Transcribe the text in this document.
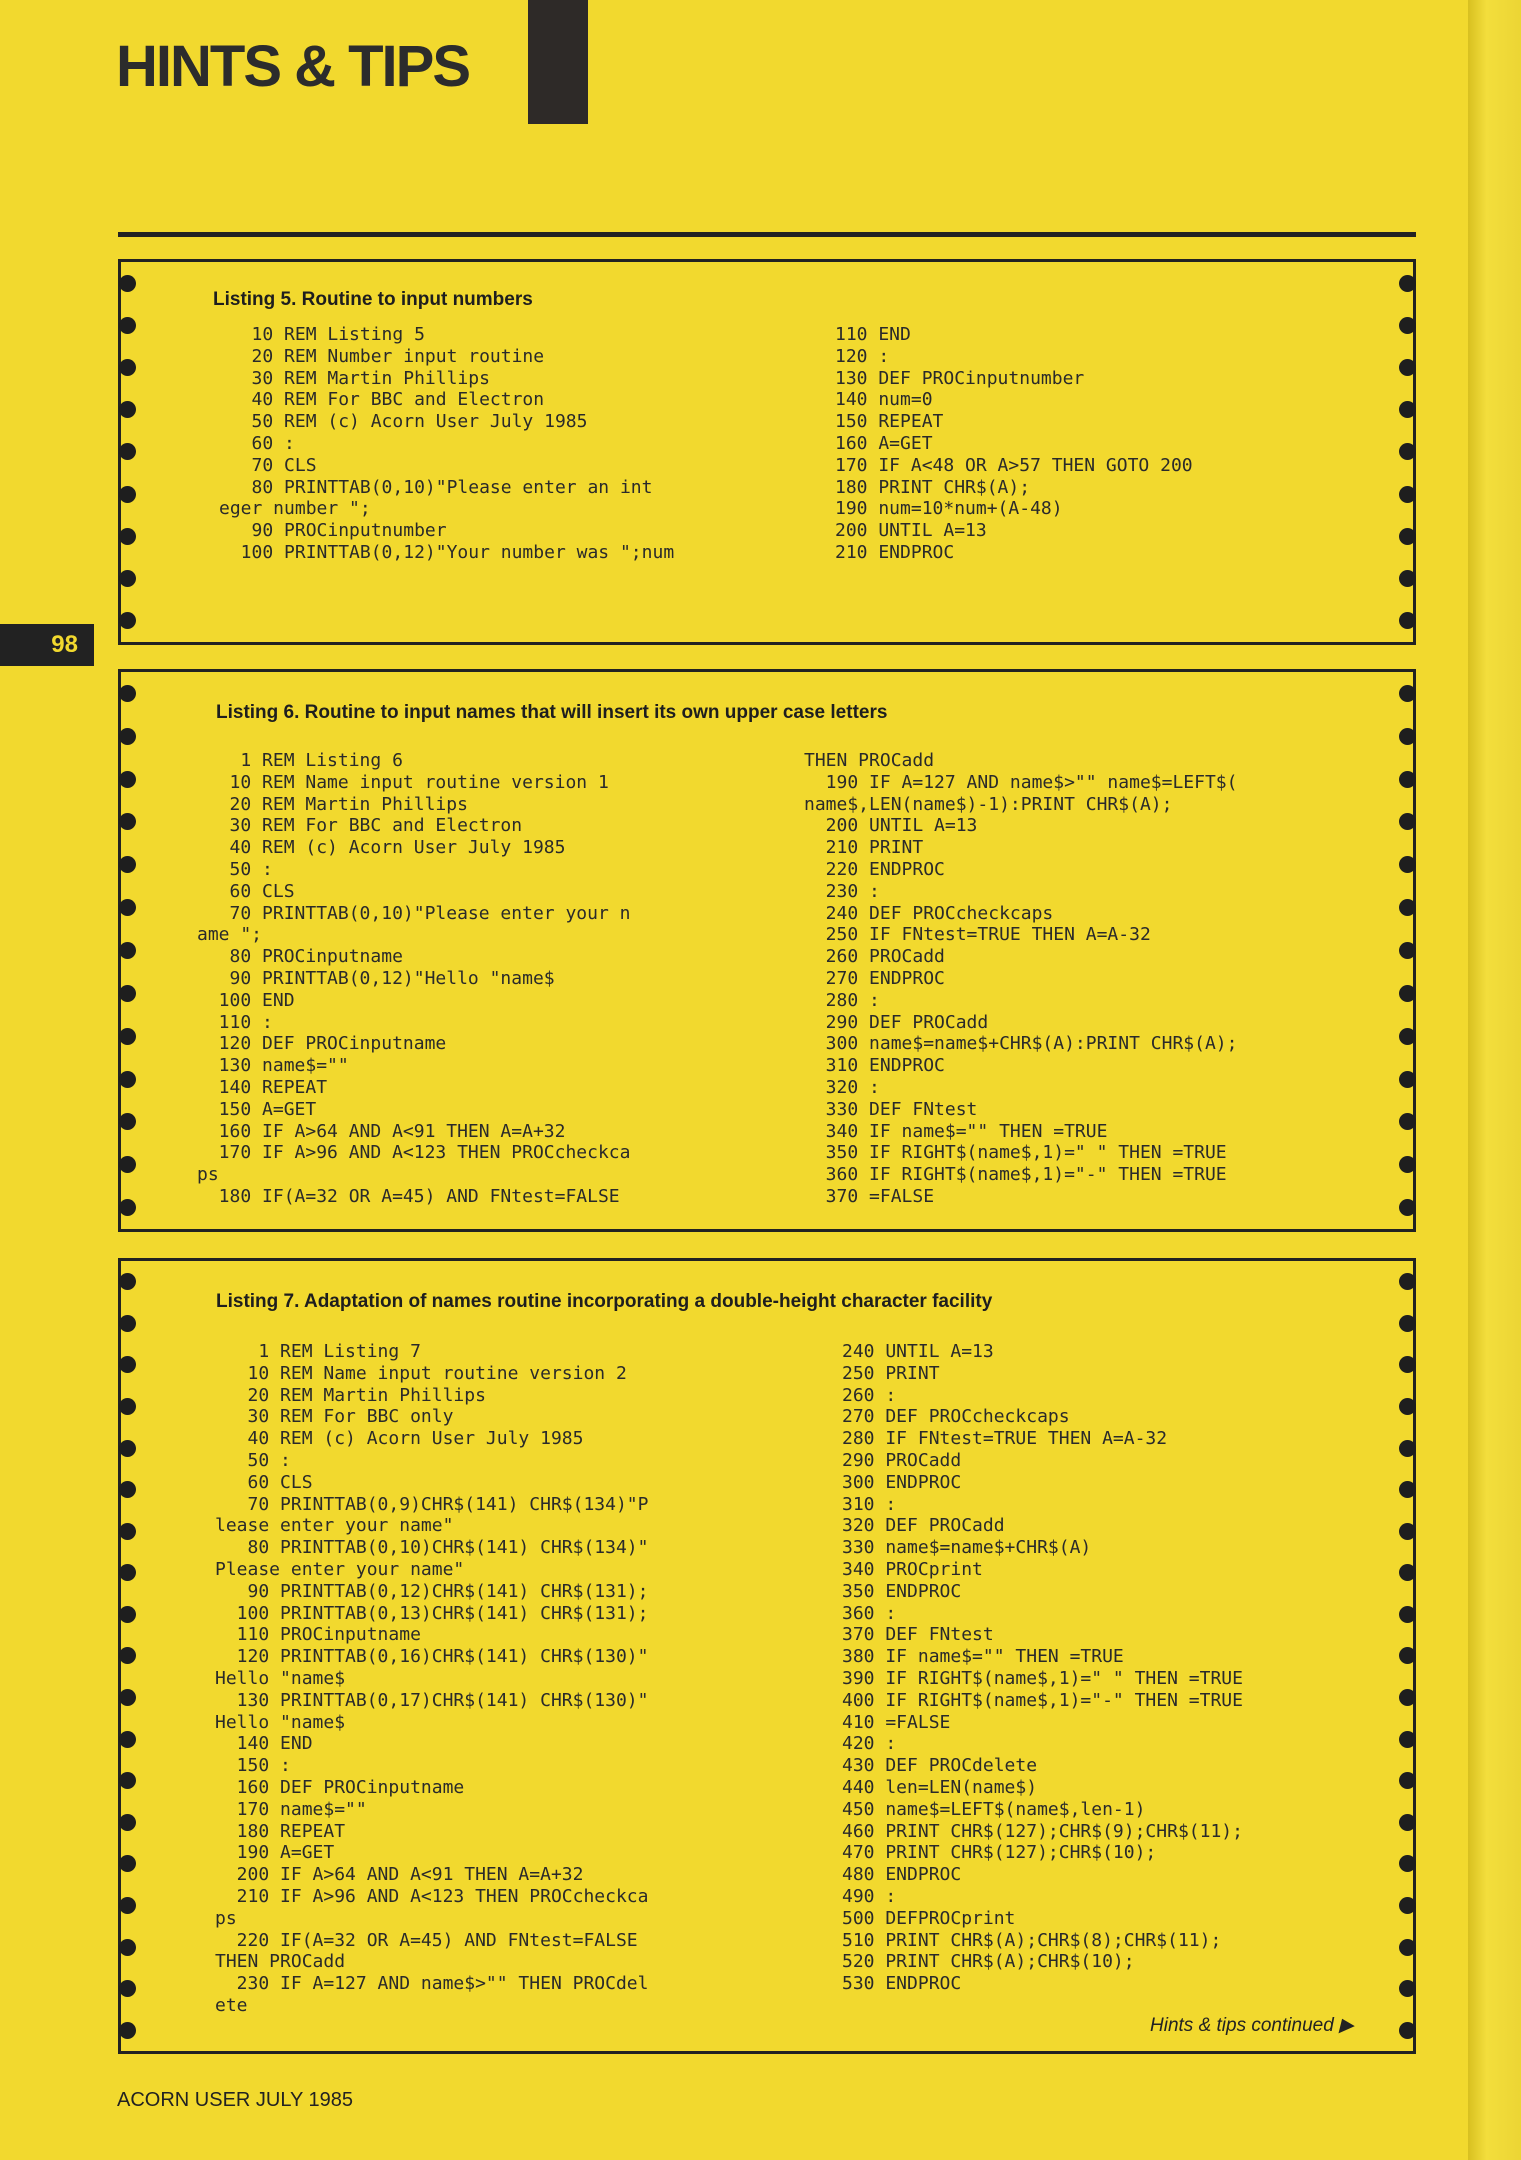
HINTS & TIPS
98
Listing 5. Routine to input numbers
10 REM Listing 5
20 REM Number input routine
30 REM Martin Phillips
40 REM For BBC and Electron
50 REM (c) Acorn User July 1985
60 :
70 CLS
80 PRINTTAB(0,10)"Please enter an int
eger number ";
90 PROCinputnumber
100 PRINTTAB(0,12)"Your number was ";num
110 END
120 :
130 DEF PROCinputnumber
140 num=0
150 REPEAT
160 A=GET
170 IF A<48 OR A>57 THEN GOTO 200
180 PRINT CHR$(A);
190 num=10*num+(A-48)
200 UNTIL A=13
210 ENDPROC
Listing 6. Routine to input names that will insert its own upper case letters
1 REM Listing 6
10 REM Name input routine version 1
20 REM Martin Phillips
30 REM For BBC and Electron
40 REM (c) Acorn User July 1985
50 :
60 CLS
70 PRINTTAB(0,10)"Please enter your n
ame ";
80 PROCinputname
90 PRINTTAB(0,12)"Hello "name$
100 END
110 :
120 DEF PROCinputname
130 name$=""
140 REPEAT
150 A=GET
160 IF A>64 AND A<91 THEN A=A+32
170 IF A>96 AND A<123 THEN PROCcheckca
ps
180 IF(A=32 OR A=45) AND FNtest=FALSE
THEN PROCadd
190 IF A=127 AND name$>"" name$=LEFT$(
name$,LEN(name$)-1):PRINT CHR$(A);
200 UNTIL A=13
210 PRINT
220 ENDPROC
230 :
240 DEF PROCcheckcaps
250 IF FNtest=TRUE THEN A=A-32
260 PROCadd
270 ENDPROC
280 :
290 DEF PROCadd
300 name$=name$+CHR$(A):PRINT CHR$(A);
310 ENDPROC
320 :
330 DEF FNtest
340 IF name$="" THEN =TRUE
350 IF RIGHT$(name$,1)=" " THEN =TRUE
360 IF RIGHT$(name$,1)="-" THEN =TRUE
370 =FALSE
Listing 7. Adaptation of names routine incorporating a double-height character facility
1 REM Listing 7
10 REM Name input routine version 2
20 REM Martin Phillips
30 REM For BBC only
40 REM (c) Acorn User July 1985
50 :
60 CLS
70 PRINTTAB(0,9)CHR$(141) CHR$(134)"P
lease enter your name"
80 PRINTTAB(0,10)CHR$(141) CHR$(134)"
Please enter your name"
90 PRINTTAB(0,12)CHR$(141) CHR$(131);
100 PRINTTAB(0,13)CHR$(141) CHR$(131);
110 PROCinputname
120 PRINTTAB(0,16)CHR$(141) CHR$(130)"
Hello "name$
130 PRINTTAB(0,17)CHR$(141) CHR$(130)"
Hello "name$
140 END
150 :
160 DEF PROCinputname
170 name$=""
180 REPEAT
190 A=GET
200 IF A>64 AND A<91 THEN A=A+32
210 IF A>96 AND A<123 THEN PROCcheckca
ps
220 IF(A=32 OR A=45) AND FNtest=FALSE
THEN PROCadd
230 IF A=127 AND name$>"" THEN PROCdel
ete
240 UNTIL A=13
250 PRINT
260 :
270 DEF PROCcheckcaps
280 IF FNtest=TRUE THEN A=A-32
290 PROCadd
300 ENDPROC
310 :
320 DEF PROCadd
330 name$=name$+CHR$(A)
340 PROCprint
350 ENDPROC
360 :
370 DEF FNtest
380 IF name$="" THEN =TRUE
390 IF RIGHT$(name$,1)=" " THEN =TRUE
400 IF RIGHT$(name$,1)="-" THEN =TRUE
410 =FALSE
420 :
430 DEF PROCdelete
440 len=LEN(name$)
450 name$=LEFT$(name$,len-1)
460 PRINT CHR$(127);CHR$(9);CHR$(11);
470 PRINT CHR$(127);CHR$(10);
480 ENDPROC
490 :
500 DEFPROCprint
510 PRINT CHR$(A);CHR$(8);CHR$(11);
520 PRINT CHR$(A);CHR$(10);
530 ENDPROC
Hints & tips continued ▶
ACORN USER JULY 1985
